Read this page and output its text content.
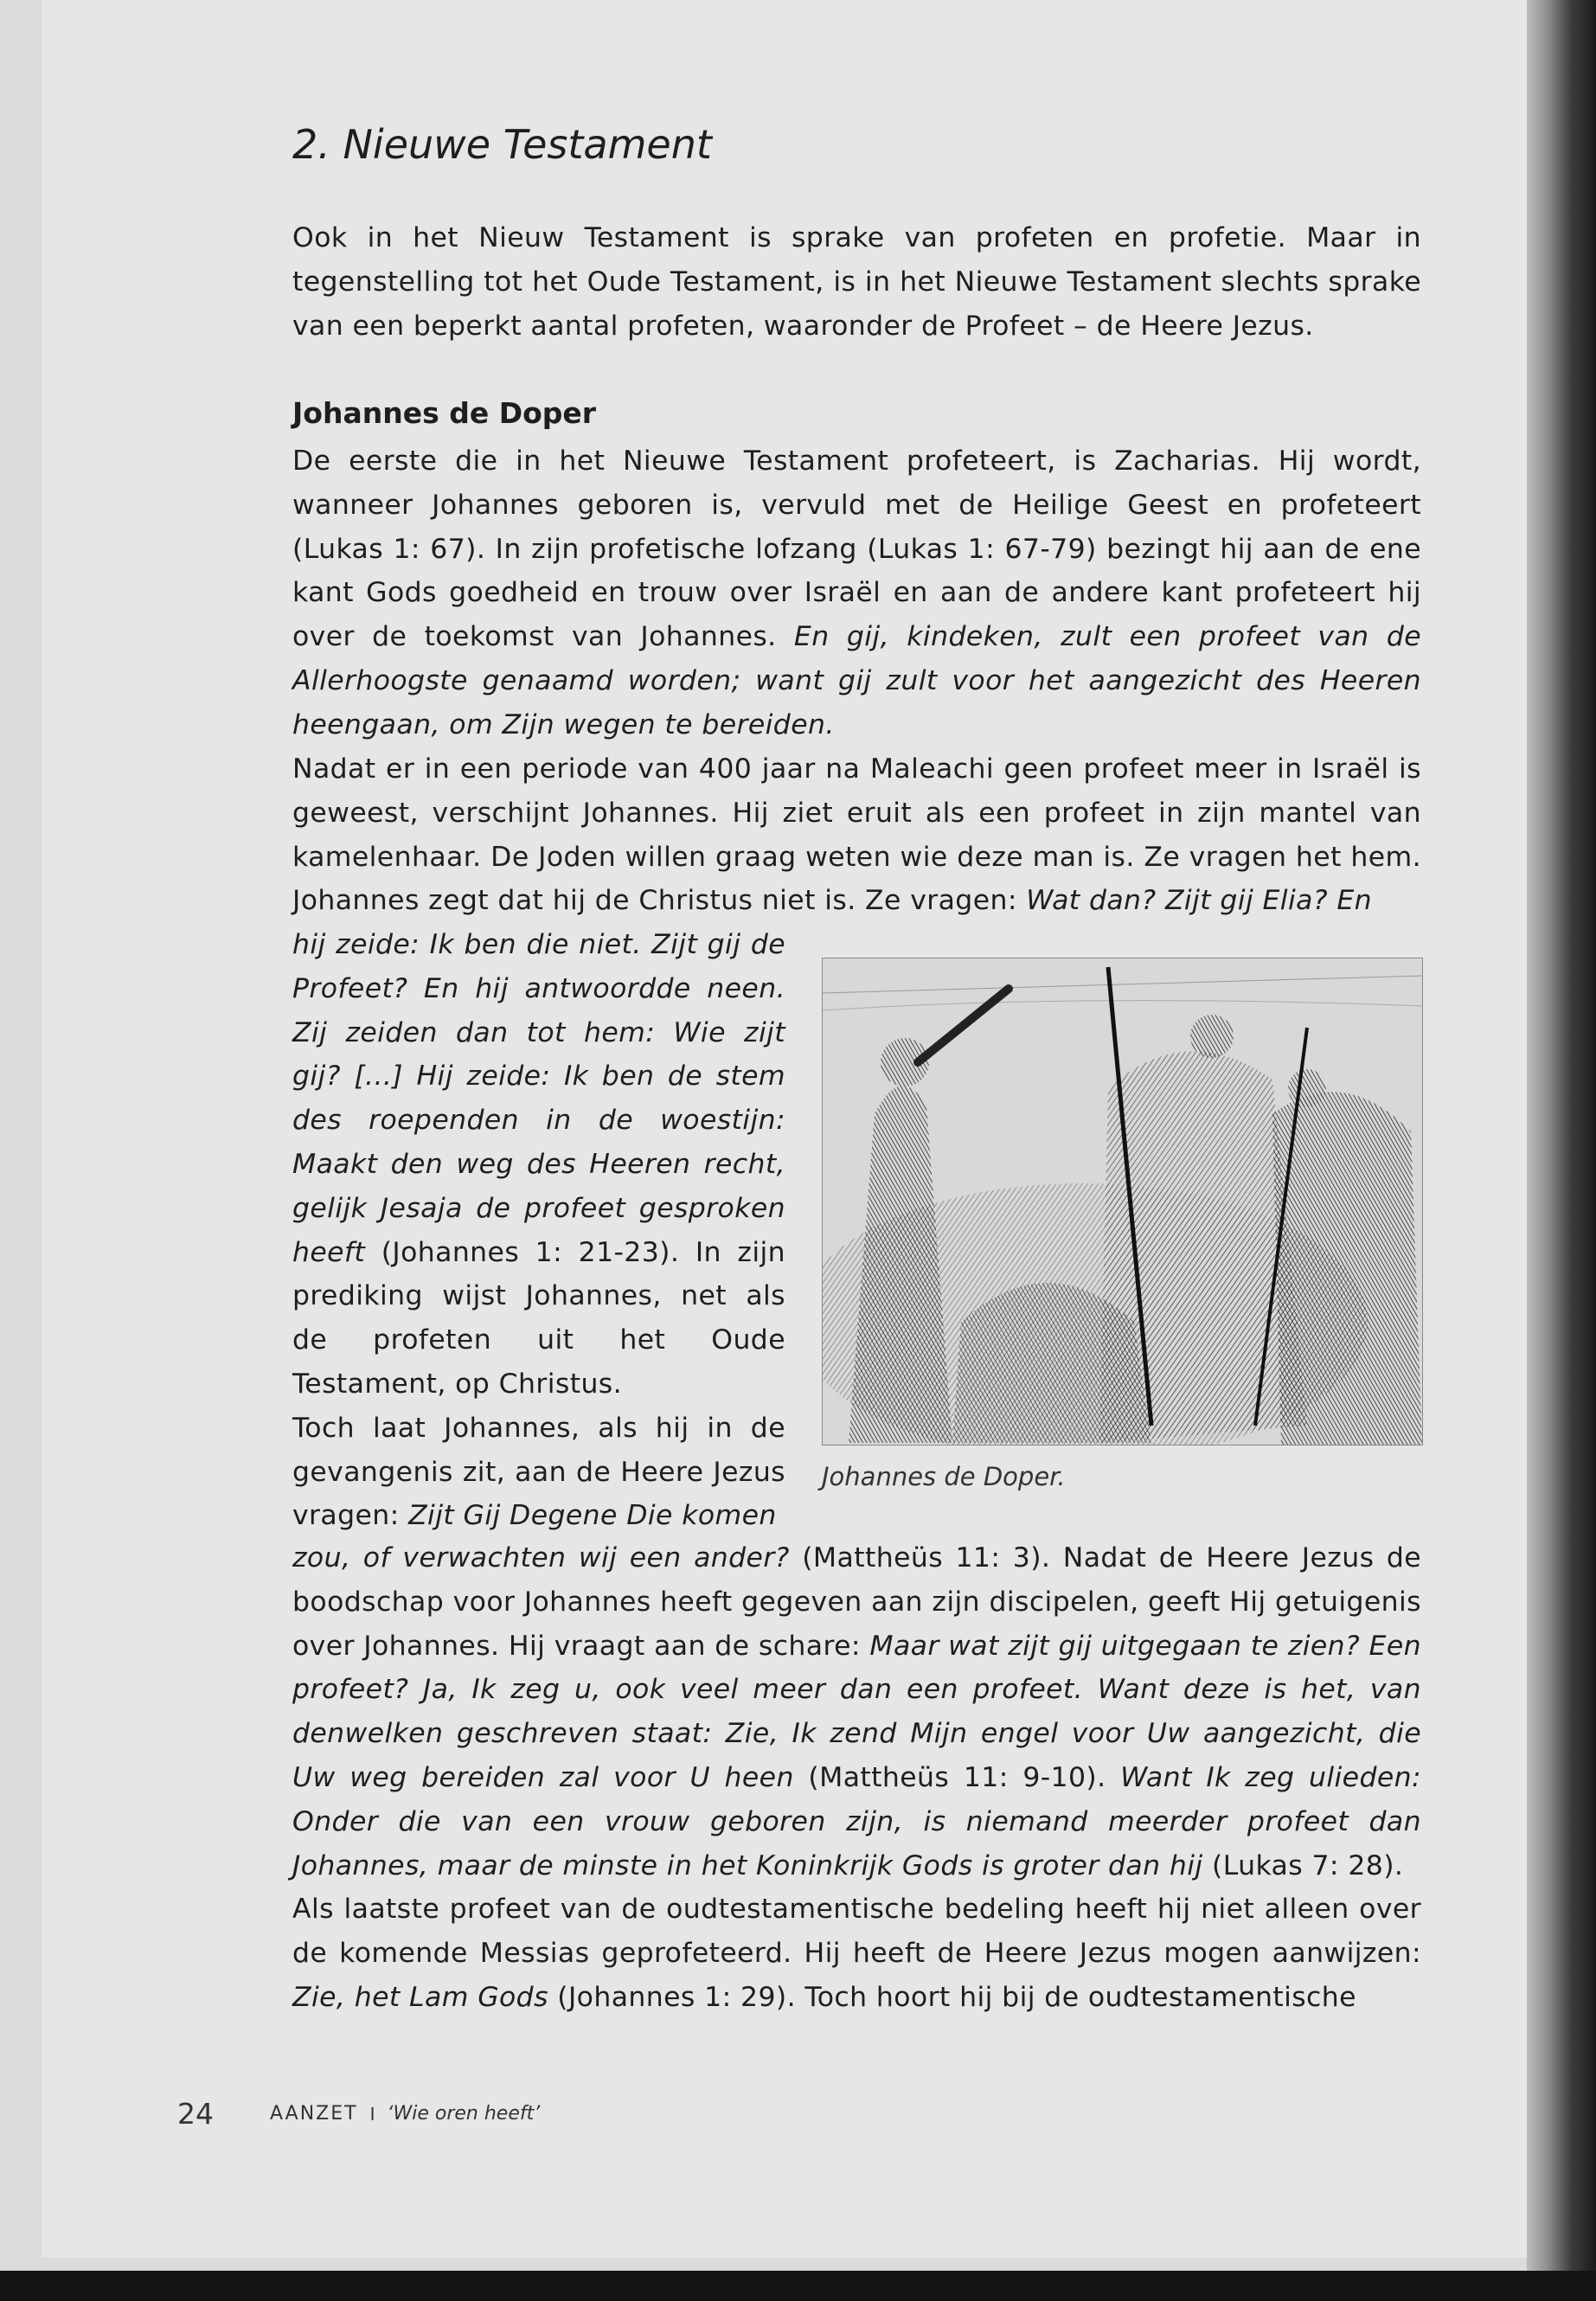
2. Nieuwe Testament

Ook in het Nieuw Testament is sprake van profeten en profetie. Maar in tegenstelling tot het Oude Testament, is in het Nieuwe Testament slechts sprake van een beperkt aantal profeten, waaronder de Profeet – de Heere Jezus.

Johannes de Doper

De eerste die in het Nieuwe Testament profeteert, is Zacharias. Hij wordt, wanneer Johannes geboren is, vervuld met de Heilige Geest en profeteert (Lukas 1: 67). In zijn profetische lofzang (Lukas 1: 67-79) bezingt hij aan de ene kant Gods goedheid en trouw over Israël en aan de andere kant profeteert hij over de toekomst van Johannes. En gij, kindeken, zult een profeet van de Allerhoogste genaamd worden; want gij zult voor het aangezicht des Heeren heengaan, om Zijn wegen te bereiden.

Nadat er in een periode van 400 jaar na Maleachi geen profeet meer in Israël is geweest, verschijnt Johannes. Hij ziet eruit als een profeet in zijn mantel van kamelenhaar. De Joden willen graag weten wie deze man is. Ze vragen het hem. Johannes zegt dat hij de Christus niet is. Ze vragen: Wat dan? Zijt gij Elia? En

hij zeide: Ik ben die niet. Zijt gij de Profeet? En hij antwoordde neen. Zij zeiden dan tot hem: Wie zijt gij? [...] Hij zeide: Ik ben de stem des roependen in de woestijn: Maakt den weg des Heeren recht, gelijk Jesaja de profeet gesproken heeft (Johannes 1: 21-23). In zijn prediking wijst Johannes, net als de profeten uit het Oude Testament, op Christus.

Toch laat Johannes, als hij in de gevangenis zit, aan de Heere Jezus vragen: Zijt Gij Degene Die komen

Johannes de Doper.

zou, of verwachten wij een ander? (Mattheüs 11: 3). Nadat de Heere Jezus de boodschap voor Johannes heeft gegeven aan zijn discipelen, geeft Hij getuigenis over Johannes. Hij vraagt aan de schare: Maar wat zijt gij uitgegaan te zien? Een profeet? Ja, Ik zeg u, ook veel meer dan een profeet. Want deze is het, van denwelken geschreven staat: Zie, Ik zend Mijn engel voor Uw aangezicht, die Uw weg bereiden zal voor U heen (Mattheüs 11: 9-10). Want Ik zeg ulieden: Onder die van een vrouw geboren zijn, is niemand meerder profeet dan Johannes, maar de minste in het Koninkrijk Gods is groter dan hij (Lukas 7: 28).

Als laatste profeet van de oudtestamentische bedeling heeft hij niet alleen over de komende Messias geprofeteerd. Hij heeft de Heere Jezus mogen aanwijzen: Zie, het Lam Gods (Johannes 1: 29). Toch hoort hij bij de oudtestamentische

24	AANZET I ‘Wie oren heeft’
